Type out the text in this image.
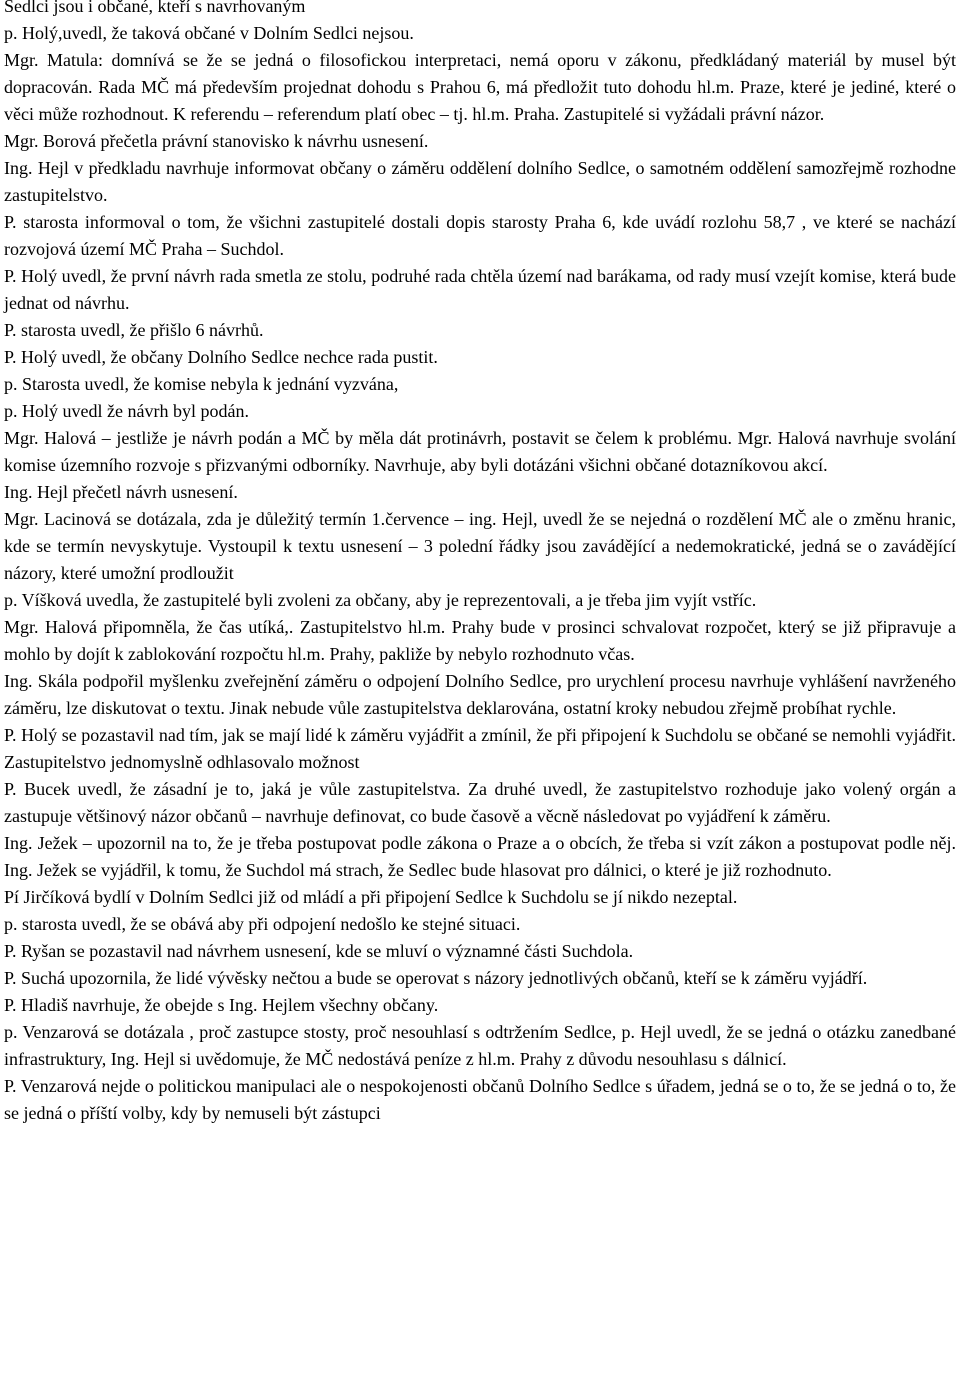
Sedlci jsou i občané, kteří s navrhovaným

p. Holý,uvedl, že taková občané v Dolním Sedlci nejsou.

Mgr. Matula: domnívá se že se jedná o filosofickou interpretaci, nemá oporu v zákonu, předkládaný materiál by musel být dopracován. Rada MČ má především projednat dohodu s Prahou 6, má předložit tuto dohodu hl.m. Praze, které je jediné, které o věci může rozhodnout. K referendu – referendum platí obec – tj. hl.m. Praha. Zastupitelé si vyžádali právní názor.

Mgr. Borová přečetla právní stanovisko k návrhu usnesení.

Ing. Hejl v předkladu navrhuje informovat občany o záměru oddělení dolního Sedlce, o samotném oddělení samozřejmě rozhodne zastupitelstvo.

P. starosta informoval o tom, že všichni zastupitelé dostali dopis starosty Praha 6, kde uvádí rozlohu 58,7 , ve které se nachází rozvojová území MČ Praha – Suchdol.

P. Holý uvedl, že první návrh rada smetla ze stolu, podruhé rada chtěla území nad barákama, od rady musí vzejít komise, která bude jednat od návrhu.

P. starosta uvedl, že přišlo 6 návrhů.

P. Holý uvedl, že občany Dolního Sedlce nechce rada pustit.

p. Starosta uvedl, že komise nebyla k jednání vyzvána,

p. Holý uvedl že návrh byl podán.

Mgr. Halová – jestliže je návrh podán a MČ by měla dát protinávrh, postavit se čelem k problému. Mgr. Halová navrhuje svolání komise územního rozvoje s přizvanými odborníky. Navrhuje, aby byli dotázáni všichni občané dotazníkovou akcí.

Ing. Hejl přečetl návrh usnesení.

Mgr. Lacinová se dotázala, zda je důležitý termín 1.července – ing. Hejl, uvedl že se nejedná o rozdělení MČ ale o změnu hranic, kde se termín nevyskytuje. Vystoupil k textu usnesení – 3 polední řádky jsou zavádějící a nedemokratické, jedná se o zavádějící názory, které umožní prodloužit

p. Víšková uvedla, že zastupitelé byli zvoleni za občany, aby je reprezentovali, a je třeba jim vyjít vstříc.

Mgr. Halová připomněla, že čas utíká,. Zastupitelstvo hl.m. Prahy bude v prosinci schvalovat rozpočet, který se již připravuje a mohlo by dojít k zablokování rozpočtu hl.m. Prahy, pakliže by nebylo rozhodnuto včas.

Ing. Skála podpořil myšlenku zveřejnění záměru o odpojení Dolního Sedlce, pro urychlení procesu navrhuje vyhlášení navrženého záměru, lze diskutovat o textu. Jinak nebude vůle zastupitelstva deklarována, ostatní kroky nebudou zřejmě probíhat rychle.

P. Holý se pozastavil nad tím, jak se mají lidé k záměru vyjádřit a zmínil, že při připojení k Suchdolu se občané se nemohli vyjádřit. Zastupitelstvo jednomyslně odhlasovalo možnost

P. Bucek uvedl, že zásadní je to, jaká je vůle zastupitelstva. Za druhé uvedl, že zastupitelstvo rozhoduje jako volený orgán a zastupuje většinový názor občanů – navrhuje definovat, co bude časově a věcně následovat po vyjádření k záměru.

Ing. Ježek – upozornil na to, že je třeba postupovat podle zákona o Praze a o obcích, že třeba si vzít zákon a postupovat podle něj. Ing. Ježek se vyjádřil, k tomu, že Suchdol má strach, že Sedlec bude hlasovat pro dálnici, o které je již rozhodnuto.

Pí Jirčíková bydlí v Dolním Sedlci již od mládí a při připojení Sedlce k Suchdolu se jí nikdo nezeptal.

p. starosta uvedl, že se obává aby při odpojení nedošlo ke stejné situaci.

P. Ryšan se pozastavil nad návrhem usnesení, kde se mluví o významné části Suchdola.

P. Suchá upozornila, že lidé vývěsky nečtou a bude se operovat s názory jednotlivých občanů, kteří se k záměru vyjádří.

P. Hladiš navrhuje, že obejde s Ing. Hejlem všechny občany.

p. Venzarová se dotázala , proč zastupce stosty, proč nesouhlasí s odtržením Sedlce, p. Hejl uvedl, že se jedná o otázku zanedbané infrastruktury, Ing. Hejl si uvědomuje, že MČ nedostává peníze z hl.m. Prahy z důvodu nesouhlasu s dálnicí.

P. Venzarová nejde o politickou manipulaci ale o nespokojenosti občanů Dolního Sedlce s úřadem, jedná se o to, že se jedná o to, že se jedná o příští volby, kdy by nemuseli být zástupci
